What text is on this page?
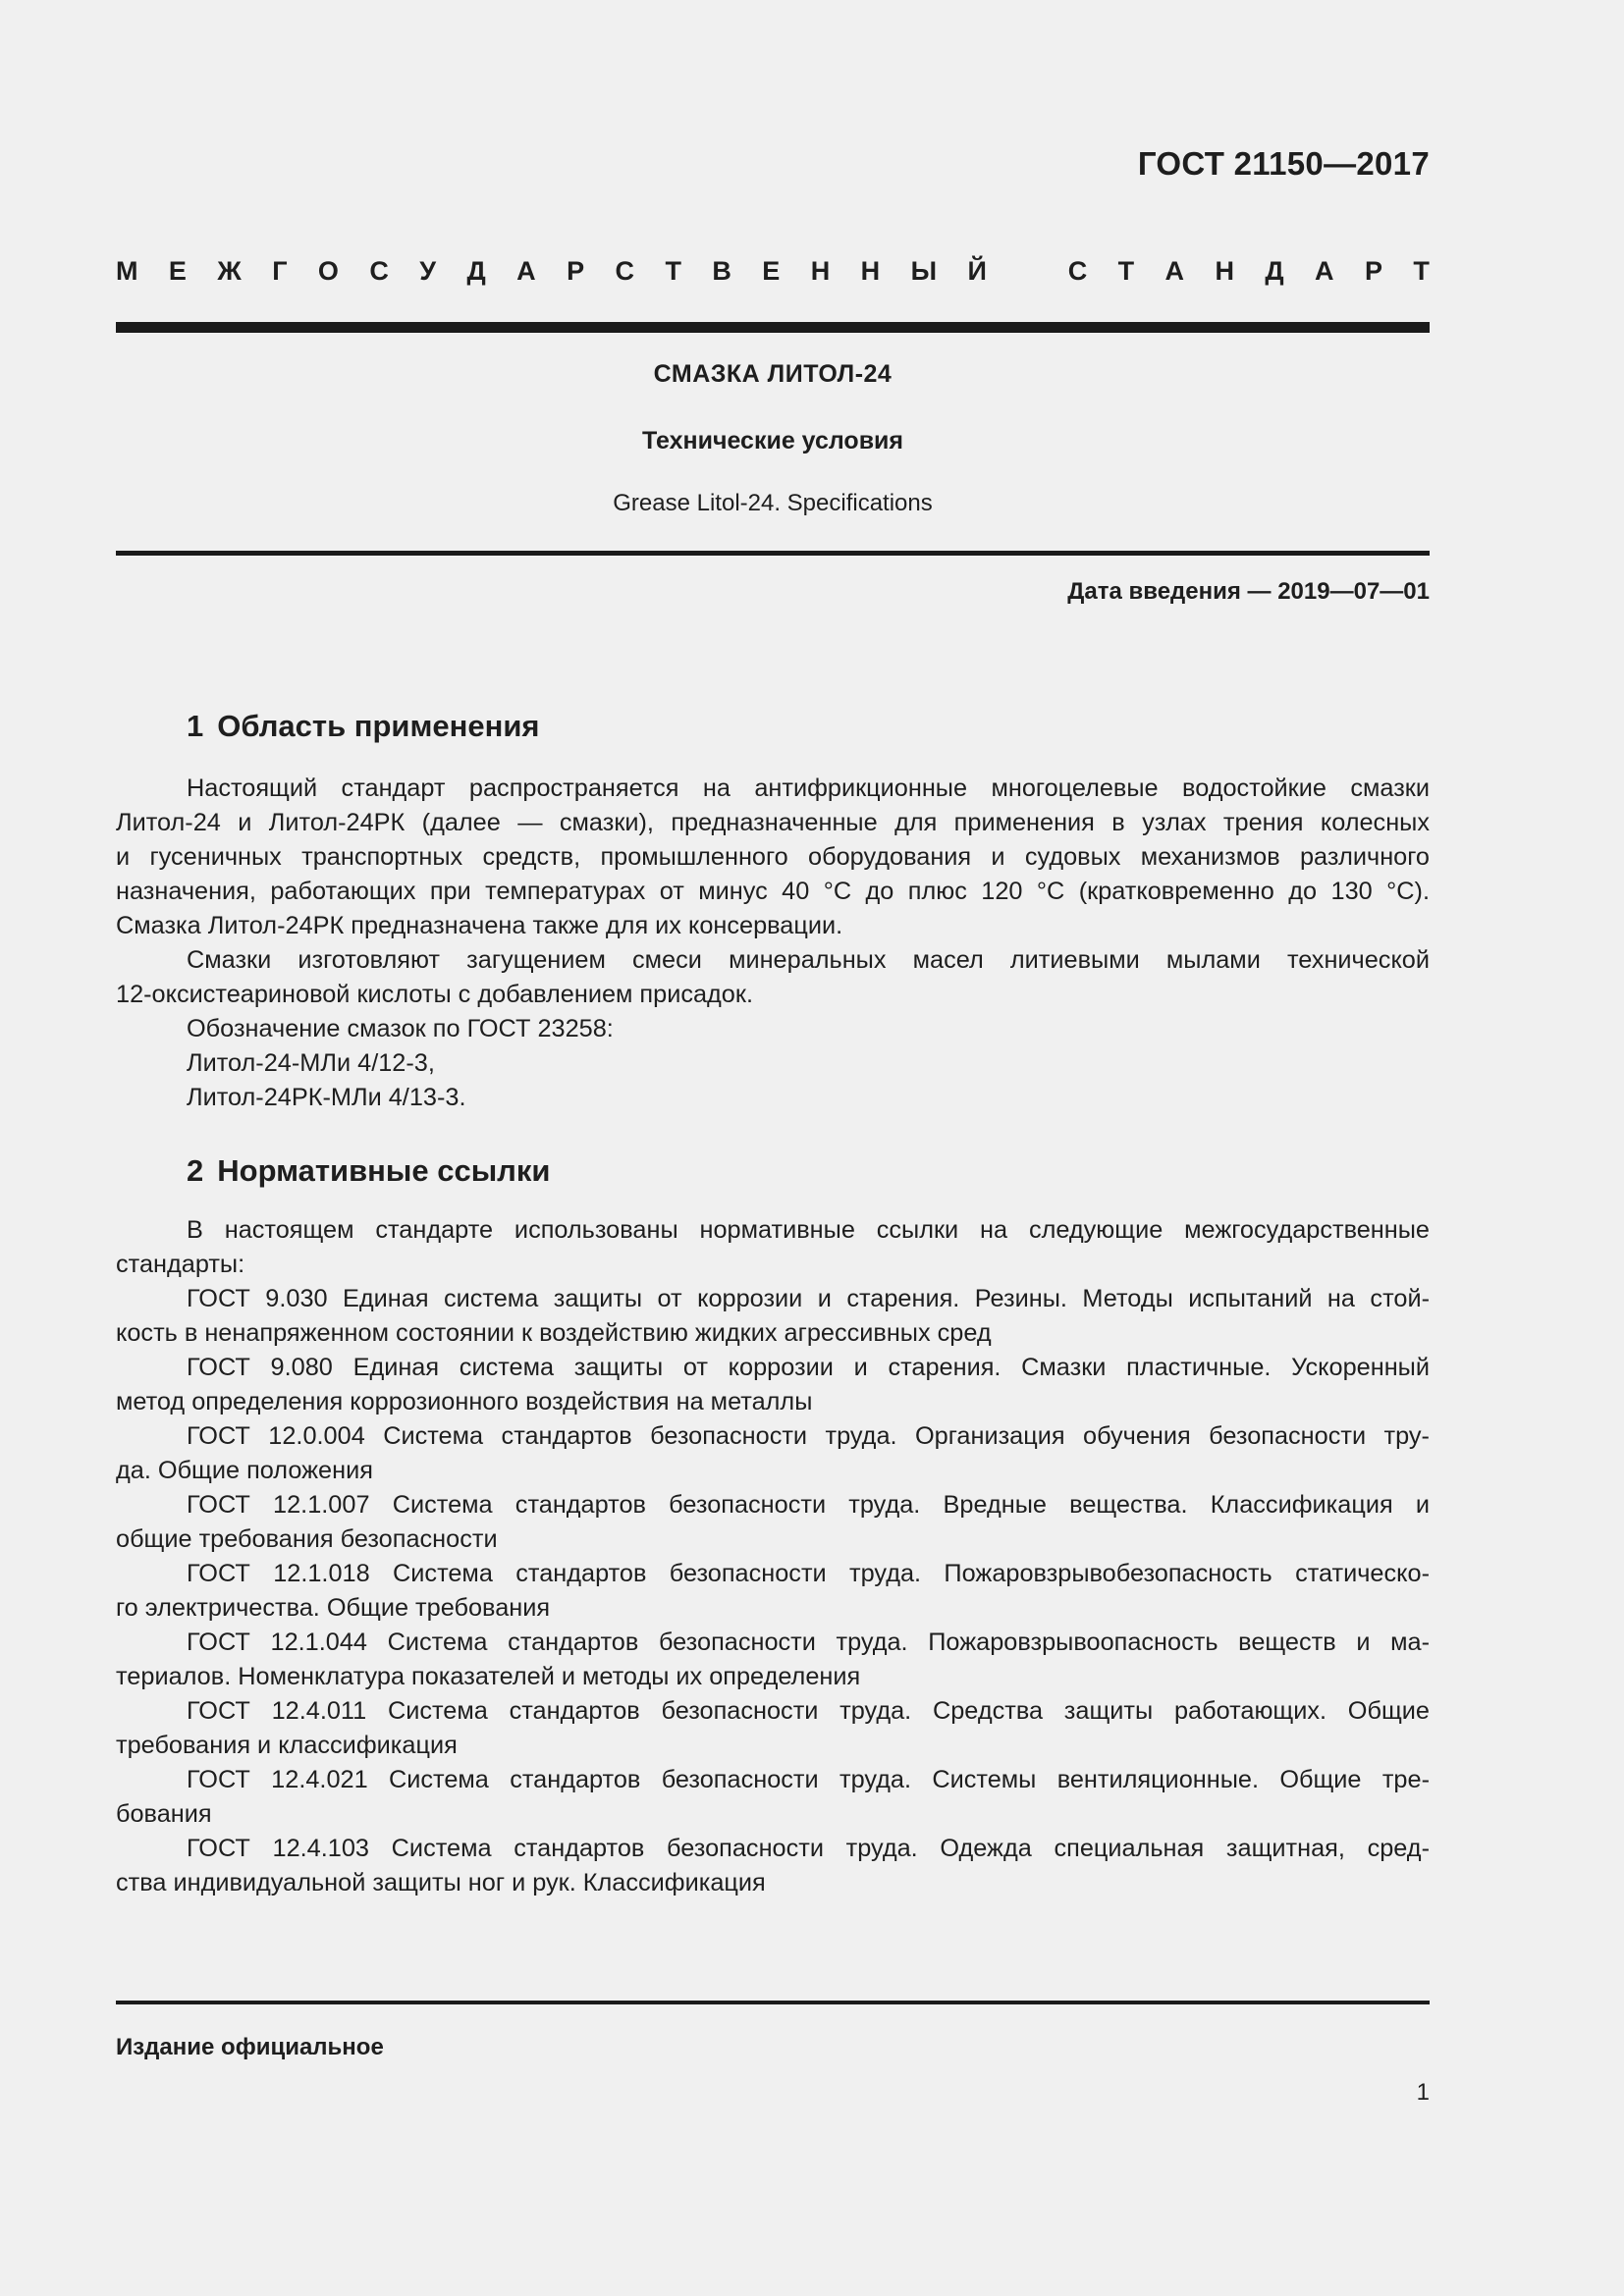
ГОСТ 21150—2017
М Е Ж Г О С У Д А Р С Т В Е Н Н Ы Й	С Т А Н Д А Р Т
СМАЗКА ЛИТОЛ-24
Технические условия
Grease Litol-24. Specifications
Дата введения — 2019—07—01
1 Область применения
Настоящий стандарт распространяется на антифрикционные многоцелевые водостойкие смазки
Литол-24 и Литол-24РК (далее — смазки), предназначенные для применения в узлах трения колесных
и гусеничных транспортных средств, промышленного оборудования и судовых механизмов различного
назначения, работающих при температурах от минус 40 °С до плюс 120 °С (кратковременно до 130 °С).
Смазка Литол-24РК предназначена также для их консервации.
Смазки изготовляют загущением смеси минеральных масел литиевыми мылами технической
12-оксистеариновой кислоты с добавлением присадок.
Обозначение смазок по ГОСТ 23258:
Литол-24-МЛи 4/12-3,
Литол-24РК-МЛи 4/13-3.
2 Нормативные ссылки
В настоящем стандарте использованы нормативные ссылки на следующие межгосударственные
стандарты:
ГОСТ 9.030 Единая система защиты от коррозии и старения. Резины. Методы испытаний на стой-
кость в ненапряженном состоянии к воздействию жидких агрессивных сред
ГОСТ 9.080 Единая система защиты от коррозии и старения. Смазки пластичные. Ускоренный
метод определения коррозионного воздействия на металлы
ГОСТ 12.0.004 Система стандартов безопасности труда. Организация обучения безопасности тру-
да. Общие положения
ГОСТ 12.1.007 Система стандартов безопасности труда. Вредные вещества. Классификация и
общие требования безопасности
ГОСТ 12.1.018 Система стандартов безопасности труда. Пожаровзрывобезопасность статическо-
го электричества. Общие требования
ГОСТ 12.1.044 Система стандартов безопасности труда. Пожаровзрывоопасность веществ и ма-
териалов. Номенклатура показателей и методы их определения
ГОСТ 12.4.011 Система стандартов безопасности труда. Средства защиты работающих. Общие
требования и классификация
ГОСТ 12.4.021 Система стандартов безопасности труда. Системы вентиляционные. Общие тре-
бования
ГОСТ 12.4.103 Система стандартов безопасности труда. Одежда специальная защитная, сред-
ства индивидуальной защиты ног и рук. Классификация
Издание официальное
1
